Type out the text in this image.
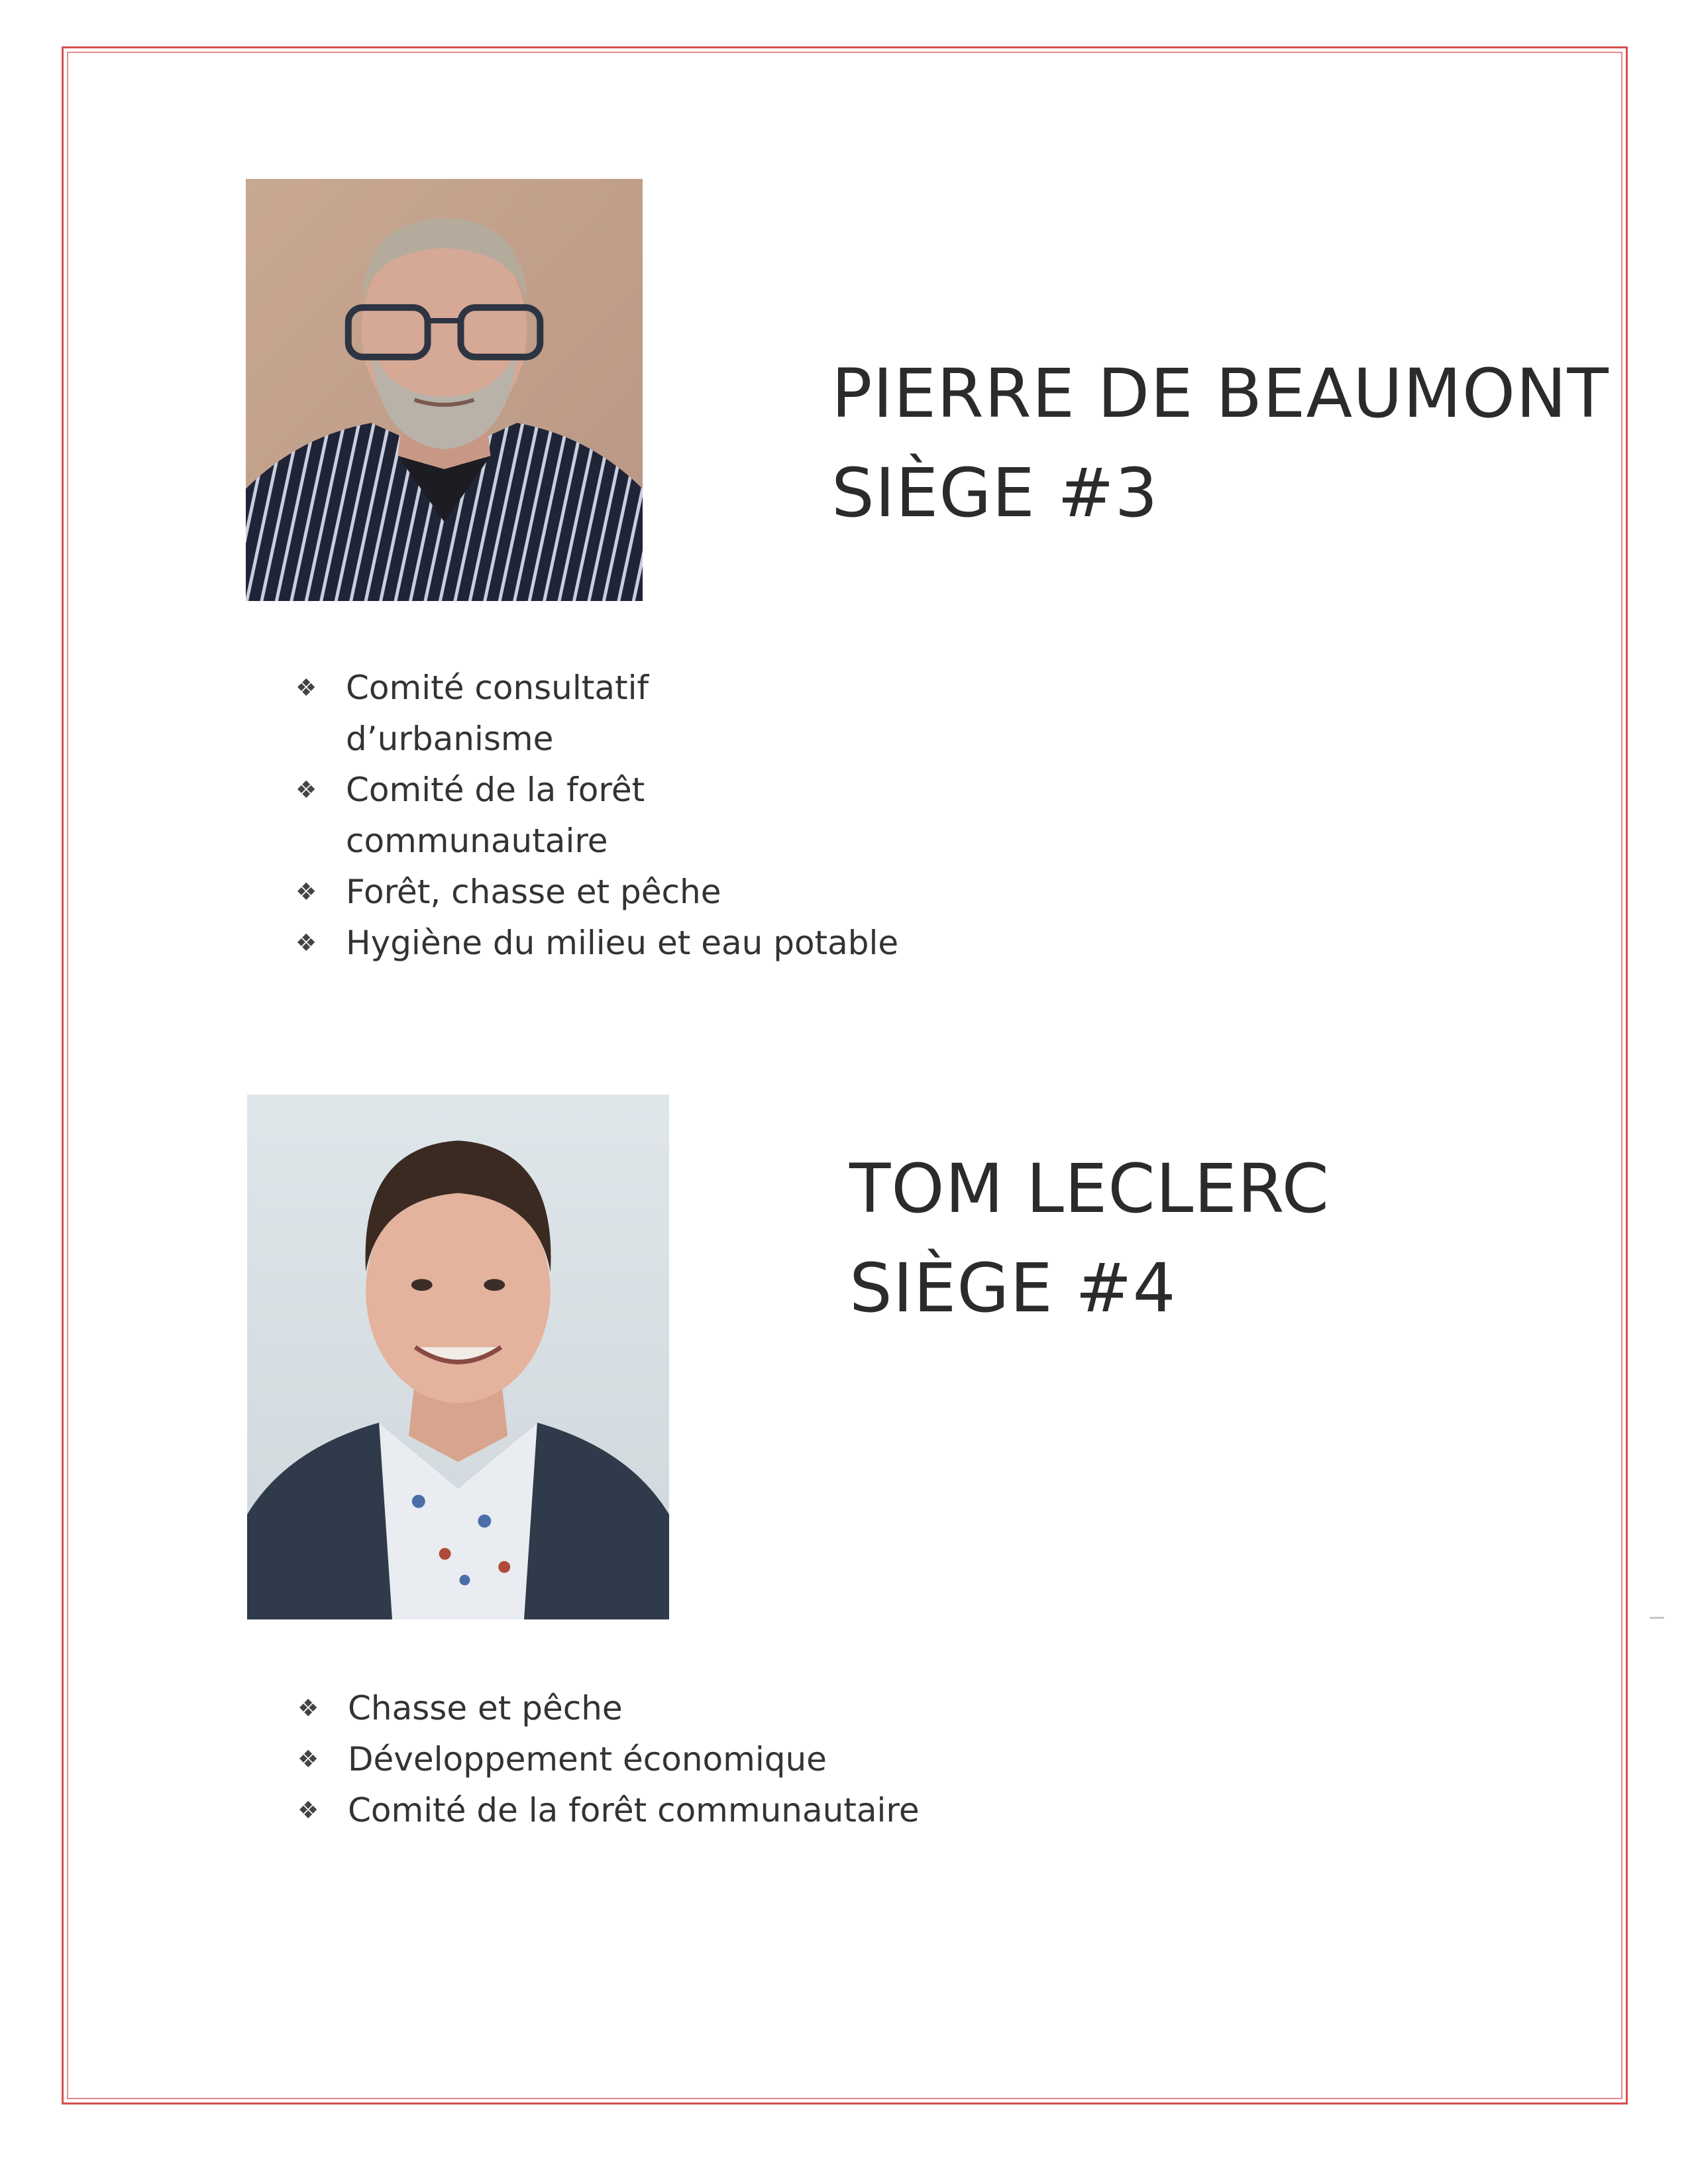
PIERRE DE BEAUMONT
SIÈGE #3
❖ Comité consultatif
d’urbanisme
❖ Comité de la forêt
communautaire
❖ Forêt, chasse et pêche
❖ Hygiène du milieu et eau potable
TOM LECLERC
SIÈGE #4
❖ Chasse et pêche
❖ Développement économique
❖ Comité de la forêt communautaire
